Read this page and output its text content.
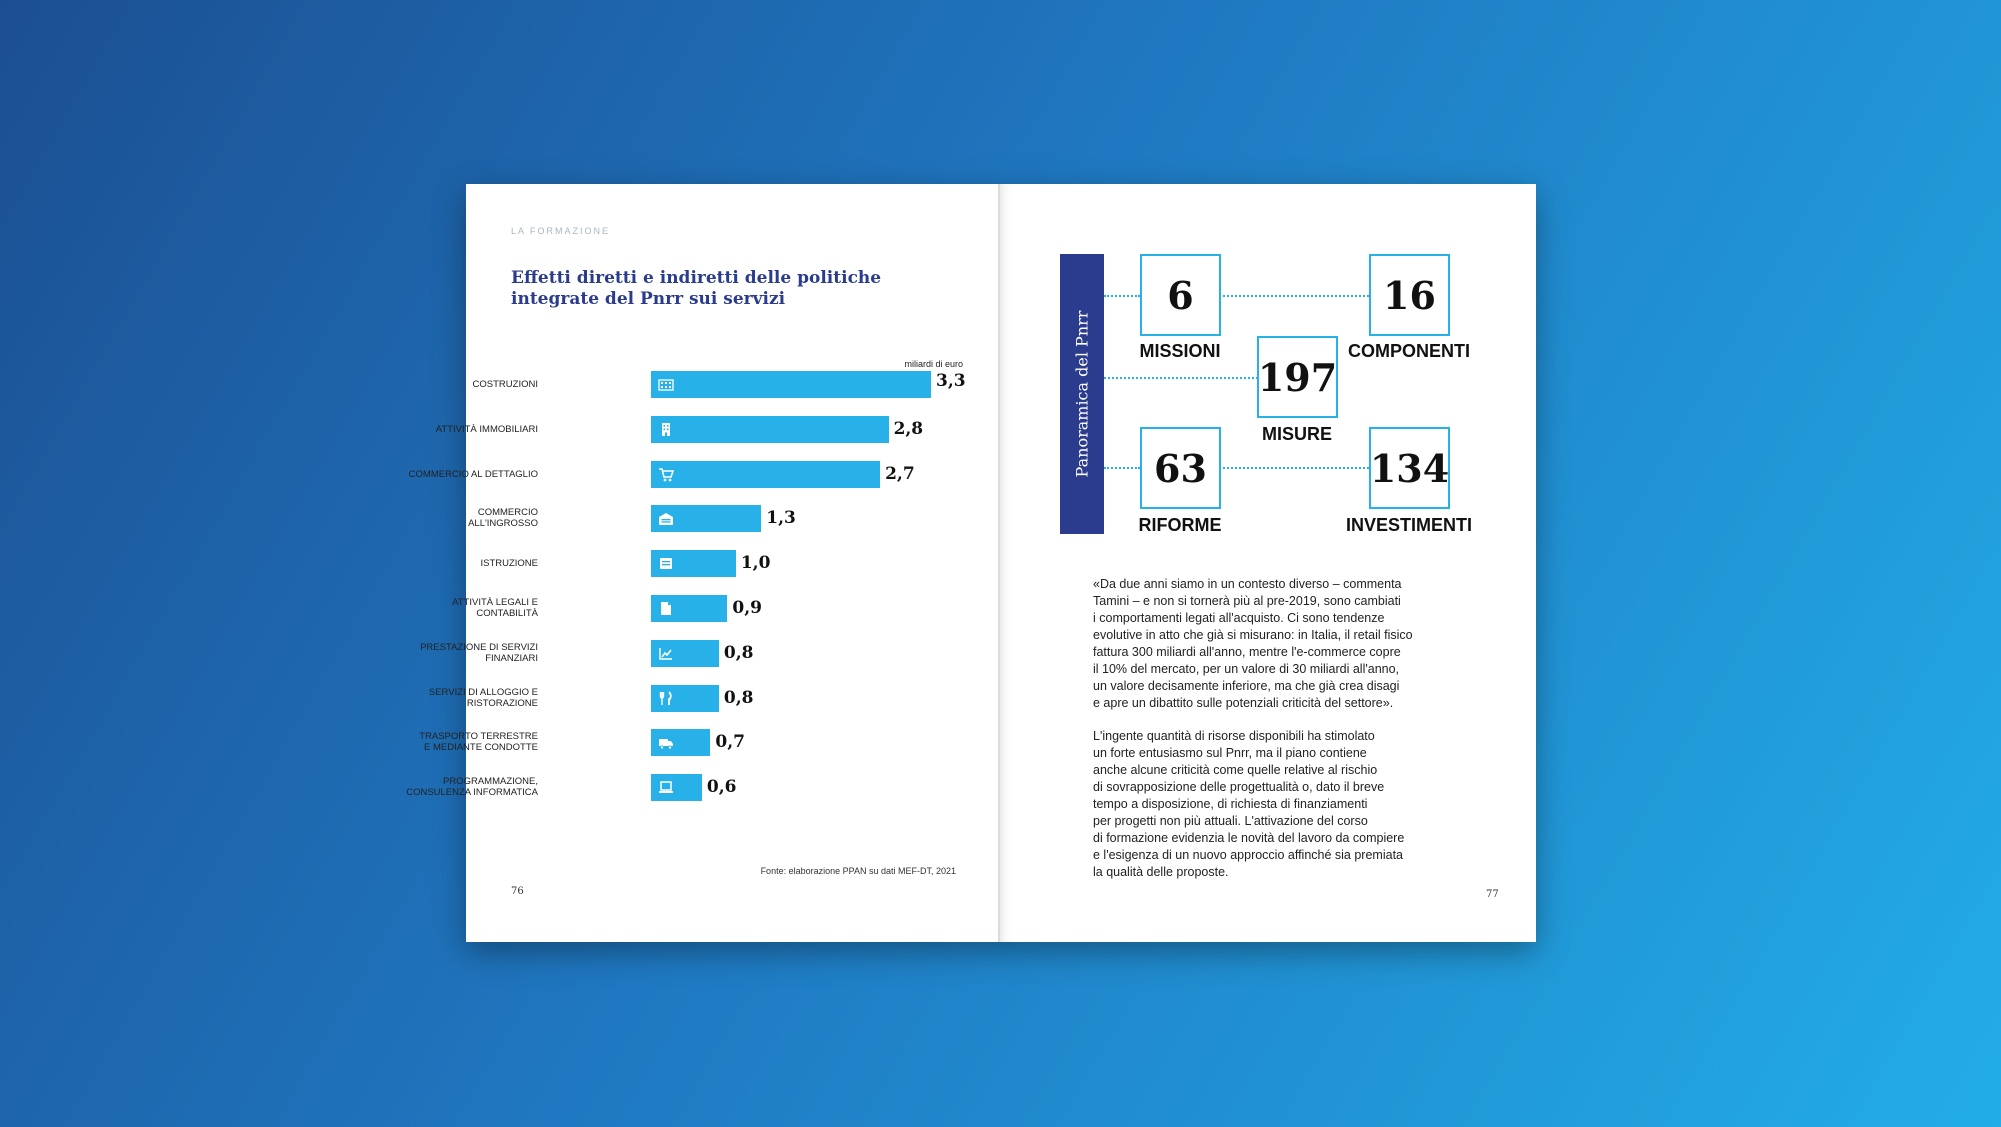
LA FORMAZIONE
Effetti diretti e indiretti delle politiche integrate del Pnrr sui servizi
miliardi di euro
COSTRUZIONI	3,3
ATTIVITÀ IMMOBILIARI	2,8
COMMERCIO AL DETTAGLIO	2,7
COMMERCIO
ALL'INGROSSO	1,3
ISTRUZIONE	1,0
ATTIVITÀ LEGALI E
CONTABILITÀ	0,9
PRESTAZIONE DI SERVIZI
FINANZIARI	0,8
SERVIZI DI ALLOGGIO E
RISTORAZIONE	0,8
TRASPORTO TERRESTRE
E MEDIANTE CONDOTTE	0,7
PROGRAMMAZIONE,
CONSULENZA INFORMATICA	0,6
Fonte: elaborazione PPAN su dati MEF-DT, 2021
76
Panoramica del Pnrr
6
MISSIONI
16
COMPONENTI
197
MISURE
63
RIFORME
134
INVESTIMENTI

«Da due anni siamo in un contesto diverso – commenta
Tamini – e non si tornerà più al pre-2019, sono cambiati
i comportamenti legati all'acquisto. Ci sono tendenze
evolutive in atto che già si misurano: in Italia, il retail fisico
fattura 300 miliardi all'anno, mentre l'e-commerce copre
il 10% del mercato, per un valore di 30 miliardi all'anno,
un valore decisamente inferiore, ma che già crea disagi
e apre un dibattito sulle potenziali criticità del settore».

L'ingente quantità di risorse disponibili ha stimolato
un forte entusiasmo sul Pnrr, ma il piano contiene
anche alcune criticità come quelle relative al rischio
di sovrapposizione delle progettualità o, dato il breve
tempo a disposizione, di richiesta di finanziamenti
per progetti non più attuali. L'attivazione del corso
di formazione evidenzia le novità del lavoro da compiere
e l'esigenza di un nuovo approccio affinché sia premiata
la qualità delle proposte.

77
